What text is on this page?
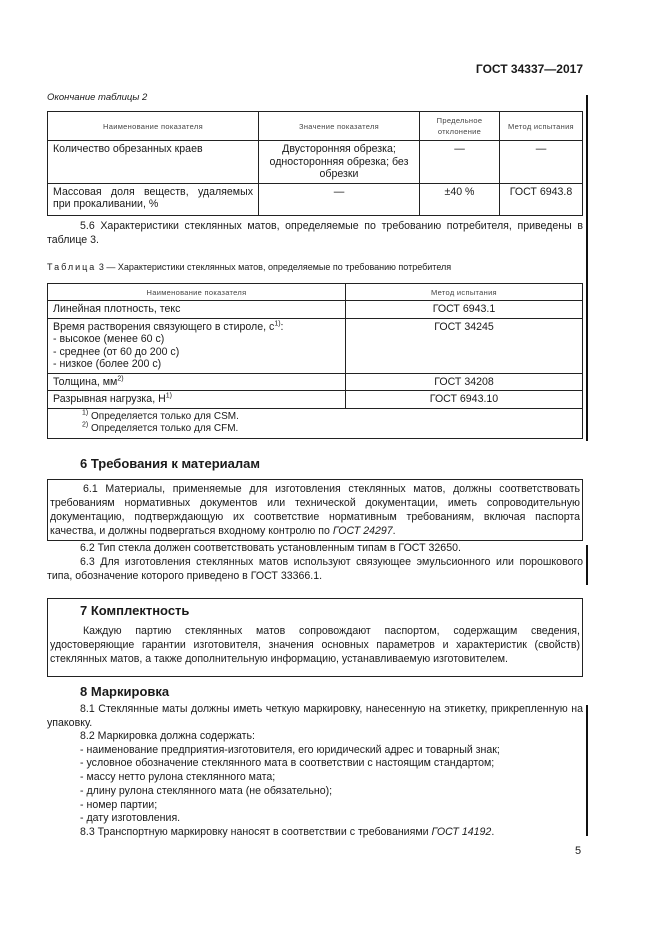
ГОСТ 34337—2017
Окончание таблицы 2
Наименование показателя	Значение показателя	Предельное отклонение	Метод испытания
Количество обрезанных краев	Двусторонняя обрезка; односторонняя обрезка; без обрезки	—	—
Массовая доля веществ, удаляемых при прокаливании, %	—	±40 %	ГОСТ 6943.8

5.6 Характеристики стеклянных матов, определяемые по требованию потребителя, приведены в таблице 3.

Таблица 3 — Характеристики стеклянных матов, определяемые по требованию потребителя
Наименование показателя	Метод испытания
Линейная плотность, текс	ГОСТ 6943.1
Время растворения связующего в стироле, $с^{1)}$:
- высокое (менее 60 с)
- среднее (от 60 до 200 с)
- низкое (более 200 с)	ГОСТ 34245
Толщина, $мм^{2)}$	ГОСТ 34208
Разрывная нагрузка, $Н^{1)}$	ГОСТ 6943.10
$^{1)}$ Определяется только для CSM.
$^{2)}$ Определяется только для CFM.	
6 Требования к материалам

6.1 Материалы, применяемые для изготовления стеклянных матов, должны соответствовать требованиям нормативных документов или технической документации, иметь сопроводительную документацию, подтверждающую их соответствие нормативным требованиям, включая паспорта качества, и должны подвергаться входному контролю по ГОСТ 24297.

6.2 Тип стекла должен соответствовать установленным типам в ГОСТ 32650.

6.3 Для изготовления стеклянных матов используют связующее эмульсионного или порошкового типа, обозначение которого приведено в ГОСТ 33366.1.

7 Комплектность

Каждую партию стеклянных матов сопровождают паспортом, содержащим сведения, удостоверяющие гарантии изготовителя, значения основных параметров и характеристик (свойств) стеклянных матов, а также дополнительную информацию, устанавливаемую изготовителем.

8 Маркировка

8.1 Стеклянные маты должны иметь четкую маркировку, нанесенную на этикетку, прикрепленную на упаковку.

8.2 Маркировка должна содержать:

- наименование предприятия-изготовителя, его юридический адрес и товарный знак;

- условное обозначение стеклянного мата в соответствии с настоящим стандартом;

- массу нетто рулона стеклянного мата;

- длину рулона стеклянного мата (не обязательно);

- номер партии;

- дату изготовления.

8.3 Транспортную маркировку наносят в соответствии с требованиями ГОСТ 14192.

5
